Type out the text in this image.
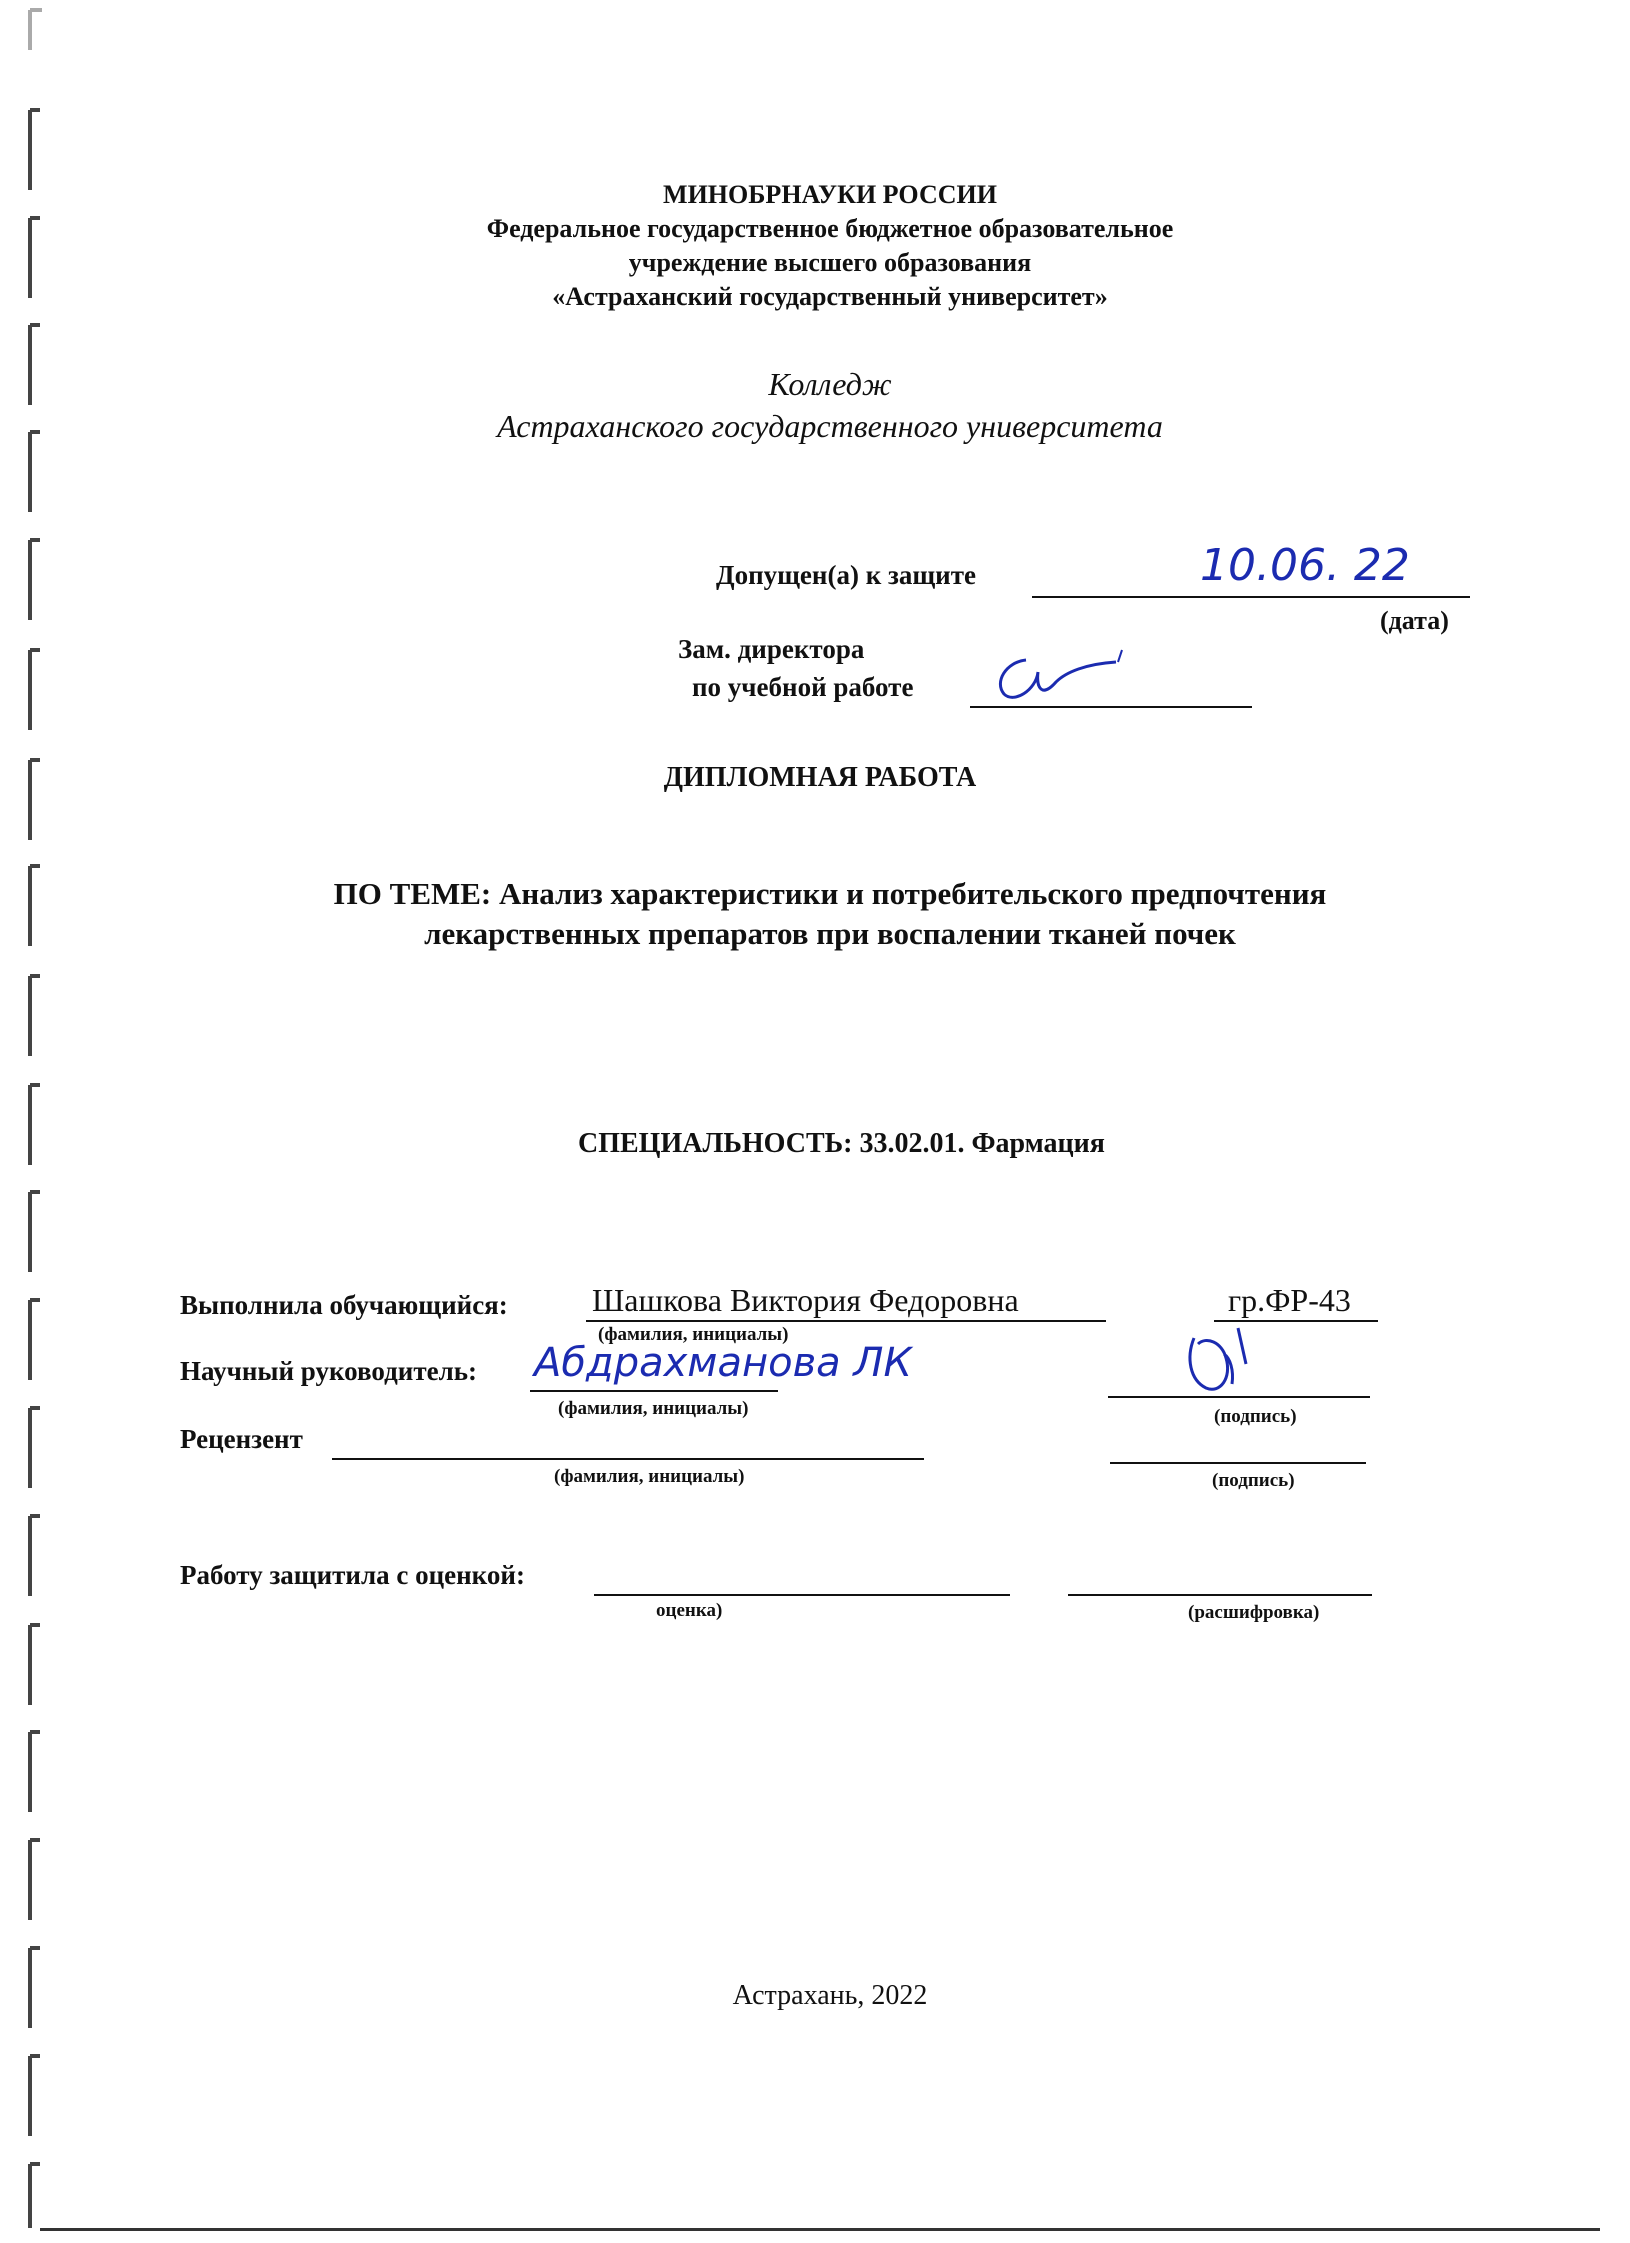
МИНОБРНАУКИ РОССИИ
Федеральное государственное бюджетное образовательное
учреждение высшего образования
«Астраханский государственный университет»
Колледж
Астраханского государственного университета
Допущен(а) к защите	10.06. 22
(дата)
Зам. директора
по учебной работе
ДИПЛОМНАЯ РАБОТА
ПО ТЕМЕ: Анализ характеристики и потребительского предпочтения
лекарственных препаратов при воспалении тканей почек
СПЕЦИАЛЬНОСТЬ: 33.02.01. Фармация
Выполнила обучающийся:	Шашкова Виктория Федоровна	гр.ФР-43
(фамилия, инициалы)
Научный руководитель: Абдрахманова ЛК
(фамилия, инициалы)	(подпись)
Рецензент
(фамилия, инициалы)	(подпись)
Работу защитила с оценкой:
оценка)	(расшифровка)
Астрахань, 2022
